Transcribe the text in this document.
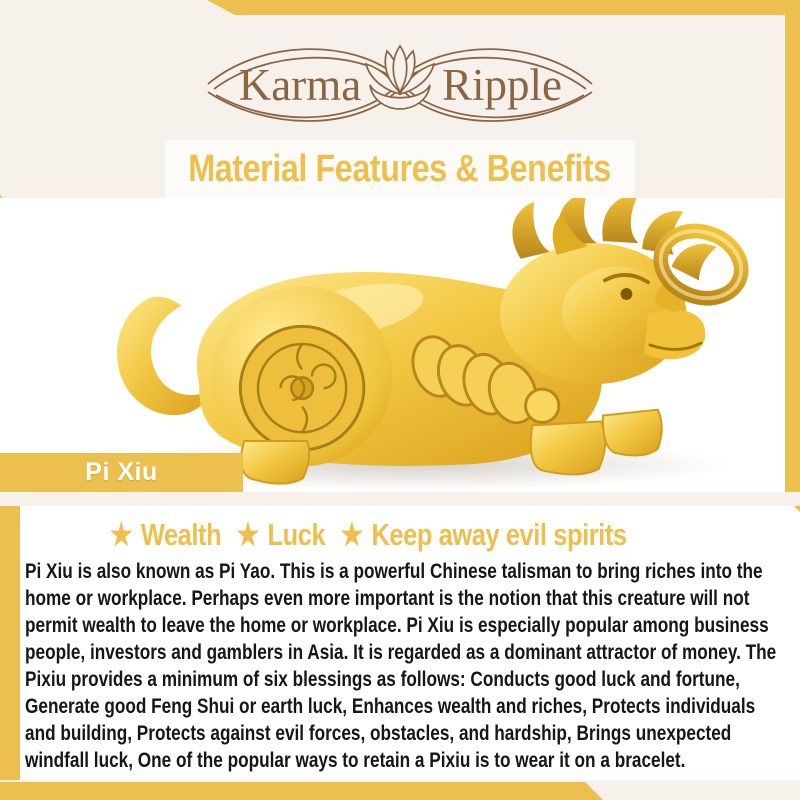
Karma Ripple
Material Features & Benefits
Pi Xiu
★ Wealth ★ Luck ★ Keep away evil spirits
Pi Xiu is also known as Pi Yao. This is a powerful Chinese talisman to bring riches into the home or workplace. Perhaps even more important is the notion that this creature will not permit wealth to leave the home or workplace. Pi Xiu is especially popular among business people, investors and gamblers in Asia. It is regarded as a dominant attractor of money. The Pixiu provides a minimum of six blessings as follows: Conducts good luck and fortune, Generate good Feng Shui or earth luck, Enhances wealth and riches, Protects individuals and building, Protects against evil forces, obstacles, and hardship, Brings unexpected windfall luck, One of the popular ways to retain a Pixiu is to wear it on a bracelet.
